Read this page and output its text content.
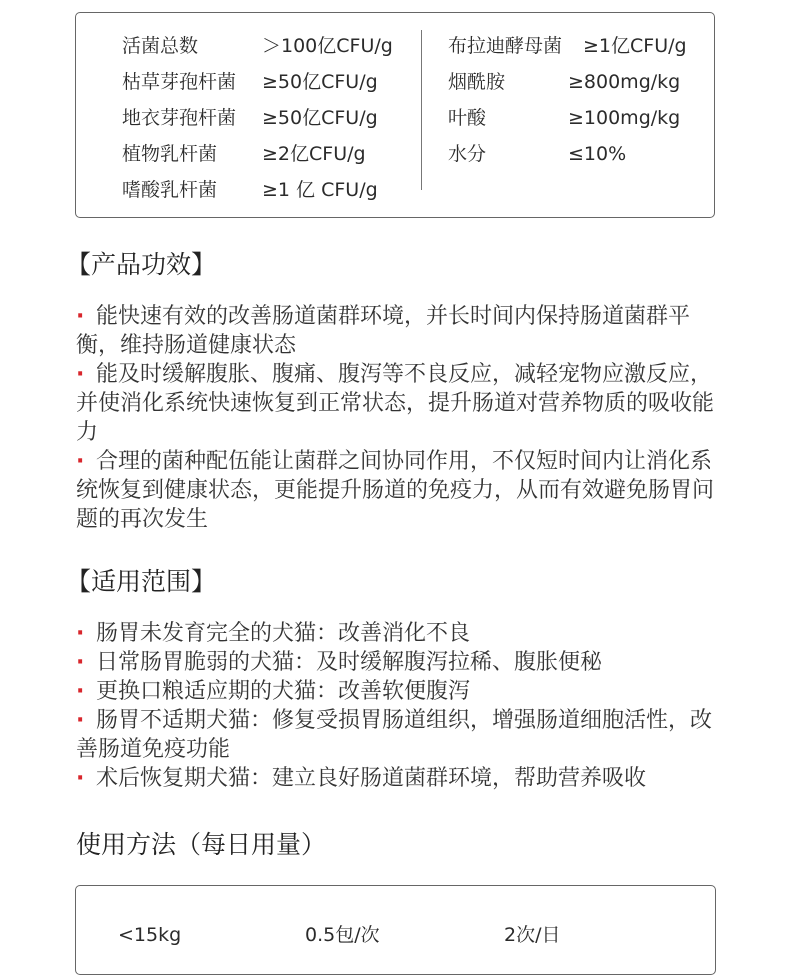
活菌总数	＞100亿CFU/g
枯草芽孢杆菌 ≥50亿CFU/g
地衣芽孢杆菌 ≥50亿CFU/g
植物乳杆菌 ≥2亿CFU/g
嗜酸乳杆菌 ≥1 亿 CFU/g
布拉迪酵母菌 ≥1亿CFU/g
烟酰胺	≥800mg/kg
叶酸	≥100mg/kg
水分	≤10%
【产品功效】
· 能快速有效的改善肠道菌群环境，并长时间内保持肠道菌群平衡，维持肠道健康状态
· 能及时缓解腹胀、腹痛、腹泻等不良反应，减轻宠物应激反应，并使消化系统快速恢复到正常状态，提升肠道对营养物质的吸收能力
· 合理的菌种配伍能让菌群之间协同作用，不仅短时间内让消化系统恢复到健康状态，更能提升肠道的免疫力，从而有效避免肠胃问题的再次发生
【适用范围】
· 肠胃未发育完全的犬猫：改善消化不良
· 日常肠胃脆弱的犬猫：及时缓解腹泻拉稀、腹胀便秘
· 更换口粮适应期的犬猫：改善软便腹泻
· 肠胃不适期犬猫：修复受损胃肠道组织，增强肠道细胞活性，改善肠道免疫功能
· 术后恢复期犬猫：建立良好肠道菌群环境，帮助营养吸收
使用方法（每日用量）
<15kg	0.5包/次	2次/日
